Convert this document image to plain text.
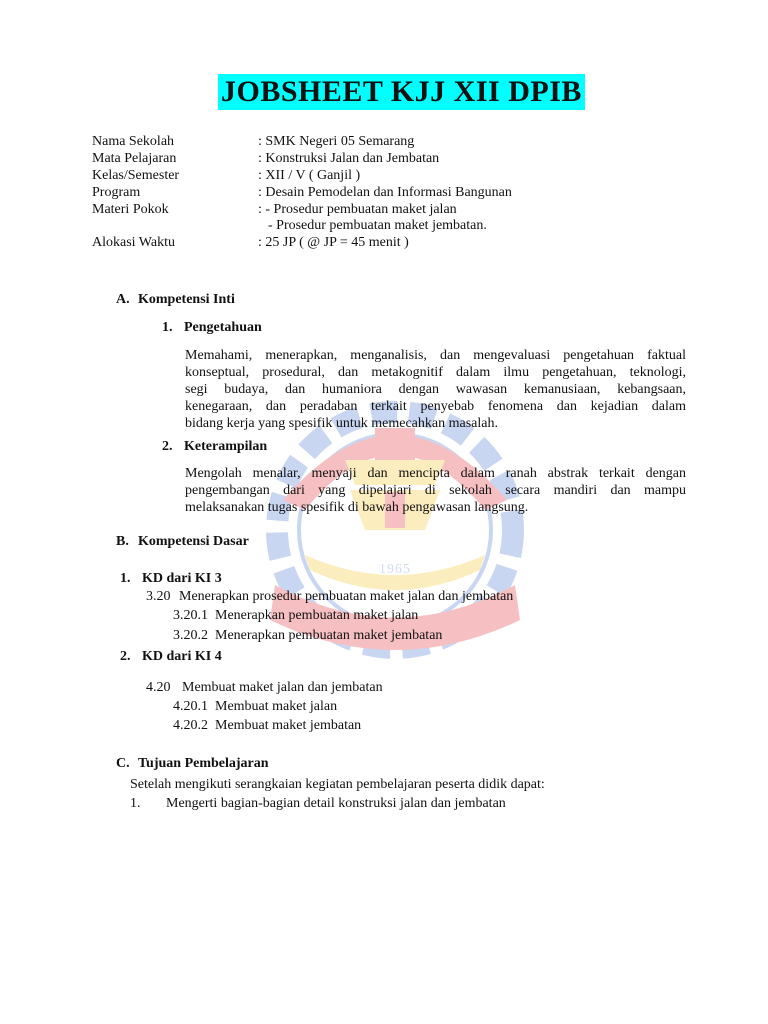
1965
JOBSHEET KJJ XII DPIB
Nama Sekolah	: SMK Negeri 05 Semarang
Mata Pelajaran	: Konstruksi Jalan dan Jembatan
Kelas/Semester	: XII / V ( Ganjil )
Program	: Desain Pemodelan dan Informasi Bangunan
Materi Pokok	: - Prosedur pembuatan maket jalan
- Prosedur pembuatan maket jembatan.
Alokasi Waktu	: 25 JP ( @ JP = 45 menit )
A. Kompetensi Inti
1. Pengetahuan
Memahami, menerapkan, menganalisis, dan mengevaluasi pengetahuan faktual
konseptual, prosedural, dan metakognitif dalam ilmu pengetahuan, teknologi,
segi budaya, dan humaniora dengan wawasan kemanusiaan, kebangsaan,
kenegaraan, dan peradaban terkait penyebab fenomena dan kejadian dalam
bidang kerja yang spesifik untuk memecahkan masalah.
2. Keterampilan
Mengolah menalar, menyaji dan mencipta dalam ranah abstrak terkait dengan
pengembangan dari yang dipelajari di sekolah secara mandiri dan mampu
melaksanakan tugas spesifik di bawah pengawasan langsung.
B. Kompetensi Dasar
1. KD dari KI 3
3.20 Menerapkan prosedur pembuatan maket jalan dan jembatan
3.20.1 Menerapkan pembuatan maket jalan
3.20.2 Menerapkan pembuatan maket jembatan
2. KD dari KI 4
4.20 Membuat maket jalan dan jembatan
4.20.1 Membuat maket jalan
4.20.2 Membuat maket jembatan
C. Tujuan Pembelajaran
Setelah mengikuti serangkaian kegiatan pembelajaran peserta didik dapat:
1. Mengerti bagian-bagian detail konstruksi jalan dan jembatan
